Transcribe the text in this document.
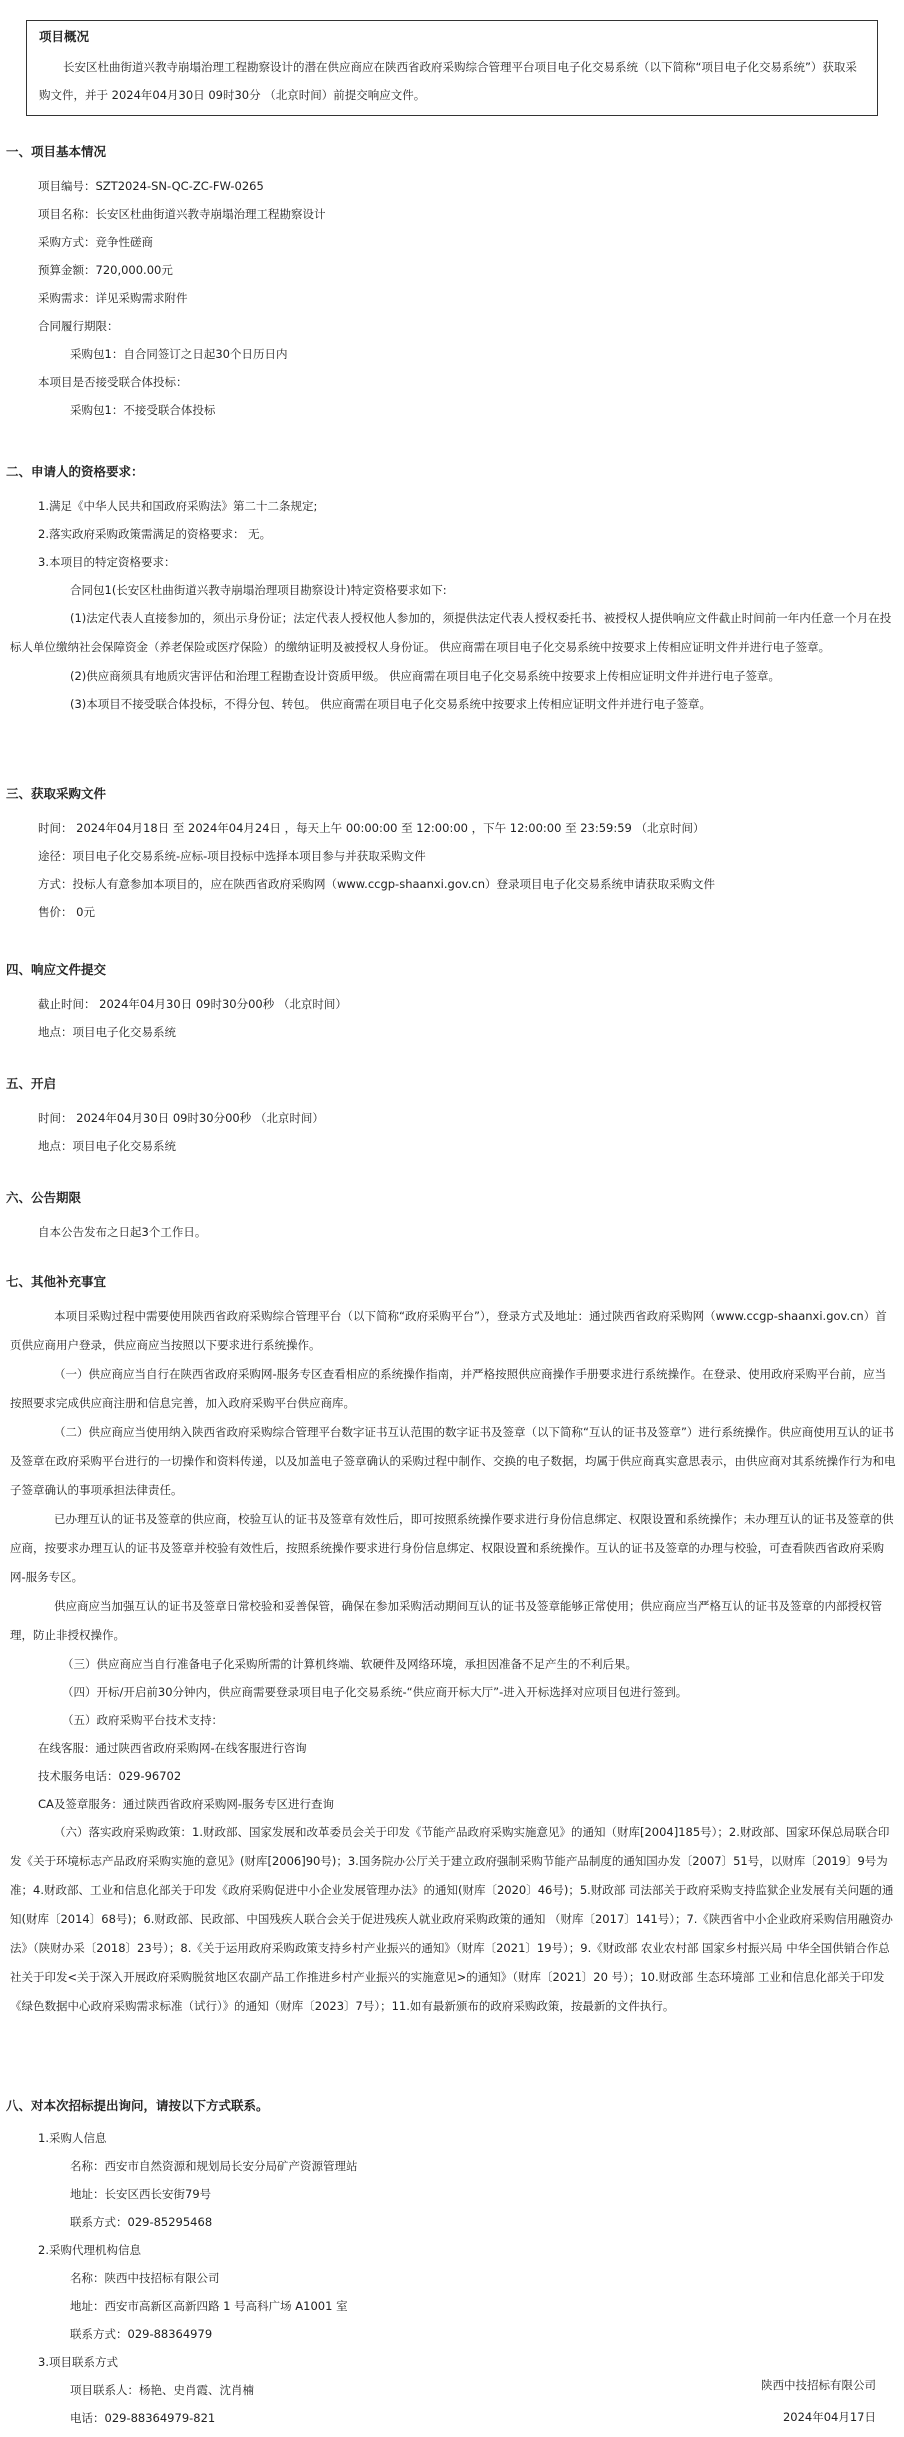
项目概况
长安区杜曲街道兴教寺崩塌治理工程勘察设计的潜在供应商应在陕西省政府采购综合管理平台项目电子化交易系统（以下简称“项目电子化交易系统”）获取采购文件，并于 2024年04月30日 09时30分 （北京时间）前提交响应文件。
一、项目基本情况
项目编号：SZT2024-SN-QC-ZC-FW-0265
项目名称：长安区杜曲街道兴教寺崩塌治理工程勘察设计
采购方式：竞争性磋商
预算金额：720,000.00元
采购需求：详见采购需求附件
合同履行期限：
采购包1：自合同签订之日起30个日历日内
本项目是否接受联合体投标：
采购包1：不接受联合体投标
二、申请人的资格要求：
1.满足《中华人民共和国政府采购法》第二十二条规定;
2.落实政府采购政策需满足的资格要求： 无。
3.本项目的特定资格要求：
合同包1(长安区杜曲街道兴教寺崩塌治理项目勘察设计)特定资格要求如下:
(1)法定代表人直接参加的，须出示身份证；法定代表人授权他人参加的，须提供法定代表人授权委托书、被授权人提供响应文件截止时间前一年内任意一个月在投标人单位缴纳社会保障资金（养老保险或医疗保险）的缴纳证明及被授权人身份证。 供应商需在项目电子化交易系统中按要求上传相应证明文件并进行电子签章。
(2)供应商须具有地质灾害评估和治理工程勘查设计资质甲级。 供应商需在项目电子化交易系统中按要求上传相应证明文件并进行电子签章。
(3)本项目不接受联合体投标，不得分包、转包。 供应商需在项目电子化交易系统中按要求上传相应证明文件并进行电子签章。
三、获取采购文件
时间： 2024年04月18日 至 2024年04月24日 ，每天上午 00:00:00 至 12:00:00 ，下午 12:00:00 至 23:59:59 （北京时间）
途径：项目电子化交易系统-应标-项目投标中选择本项目参与并获取采购文件
方式：投标人有意参加本项目的，应在陕西省政府采购网（www.ccgp-shaanxi.gov.cn）登录项目电子化交易系统申请获取采购文件
售价： 0元
四、响应文件提交
截止时间： 2024年04月30日 09时30分00秒 （北京时间）
地点：项目电子化交易系统
五、开启
时间： 2024年04月30日 09时30分00秒 （北京时间）
地点：项目电子化交易系统
六、公告期限
自本公告发布之日起3个工作日。
七、其他补充事宜
本项目采购过程中需要使用陕西省政府采购综合管理平台（以下简称“政府采购平台”），登录方式及地址：通过陕西省政府采购网（www.ccgp-shaanxi.gov.cn）首页供应商用户登录，供应商应当按照以下要求进行系统操作。
（一）供应商应当自行在陕西省政府采购网-服务专区查看相应的系统操作指南，并严格按照供应商操作手册要求进行系统操作。在登录、使用政府采购平台前，应当按照要求完成供应商注册和信息完善，加入政府采购平台供应商库。
（二）供应商应当使用纳入陕西省政府采购综合管理平台数字证书互认范围的数字证书及签章（以下简称“互认的证书及签章”）进行系统操作。供应商使用互认的证书及签章在政府采购平台进行的一切操作和资料传递，以及加盖电子签章确认的采购过程中制作、交换的电子数据，均属于供应商真实意思表示，由供应商对其系统操作行为和电子签章确认的事项承担法律责任。
已办理互认的证书及签章的供应商，校验互认的证书及签章有效性后，即可按照系统操作要求进行身份信息绑定、权限设置和系统操作；未办理互认的证书及签章的供应商，按要求办理互认的证书及签章并校验有效性后，按照系统操作要求进行身份信息绑定、权限设置和系统操作。互认的证书及签章的办理与校验，可查看陕西省政府采购网-服务专区。
供应商应当加强互认的证书及签章日常校验和妥善保管，确保在参加采购活动期间互认的证书及签章能够正常使用；供应商应当严格互认的证书及签章的内部授权管理，防止非授权操作。
（三）供应商应当自行准备电子化采购所需的计算机终端、软硬件及网络环境，承担因准备不足产生的不利后果。
（四）开标/开启前30分钟内，供应商需要登录项目电子化交易系统-“供应商开标大厅”-进入开标选择对应项目包进行签到。
（五）政府采购平台技术支持：
在线客服：通过陕西省政府采购网-在线客服进行咨询
技术服务电话：029-96702
CA及签章服务：通过陕西省政府采购网-服务专区进行查询
（六）落实政府采购政策：1.财政部、国家发展和改革委员会关于印发《节能产品政府采购实施意见》的通知（财库[2004]185号）；2.财政部、国家环保总局联合印发《关于环境标志产品政府采购实施的意见》(财库[2006]90号)；3.国务院办公厅关于建立政府强制采购节能产品制度的通知国办发〔2007〕51号，以财库〔2019〕9号为准；4.财政部、工业和信息化部关于印发《政府采购促进中小企业发展管理办法》的通知(财库〔2020〕46号)；5.财政部 司法部关于政府采购支持监狱企业发展有关问题的通知(财库〔2014〕68号)；6.财政部、民政部、中国残疾人联合会关于促进残疾人就业政府采购政策的通知 （财库〔2017〕141号）；7.《陕西省中小企业政府采购信用融资办法》（陕财办采〔2018〕23号）；8.《关于运用政府采购政策支持乡村产业振兴的通知》（财库〔2021〕19号）；9.《财政部 农业农村部 国家乡村振兴局 中华全国供销合作总社关于印发<关于深入开展政府采购脱贫地区农副产品工作推进乡村产业振兴的实施意见>的通知》（财库〔2021〕20 号）；10.财政部 生态环境部 工业和信息化部关于印发《绿色数据中心政府采购需求标准（试行）》的通知（财库〔2023〕7号）；11.如有最新颁布的政府采购政策，按最新的文件执行。
八、对本次招标提出询问，请按以下方式联系。
1.采购人信息
名称：西安市自然资源和规划局长安分局矿产资源管理站
地址：长安区西长安街79号
联系方式：029-85295468
2.采购代理机构信息
名称：陕西中技招标有限公司
地址：西安市高新区高新四路 1 号高科广场 A1001 室
联系方式：029-88364979
3.项目联系方式
项目联系人：杨艳、史肖霞、沈肖楠
电话：029-88364979-821
陕西中技招标有限公司
2024年04月17日
